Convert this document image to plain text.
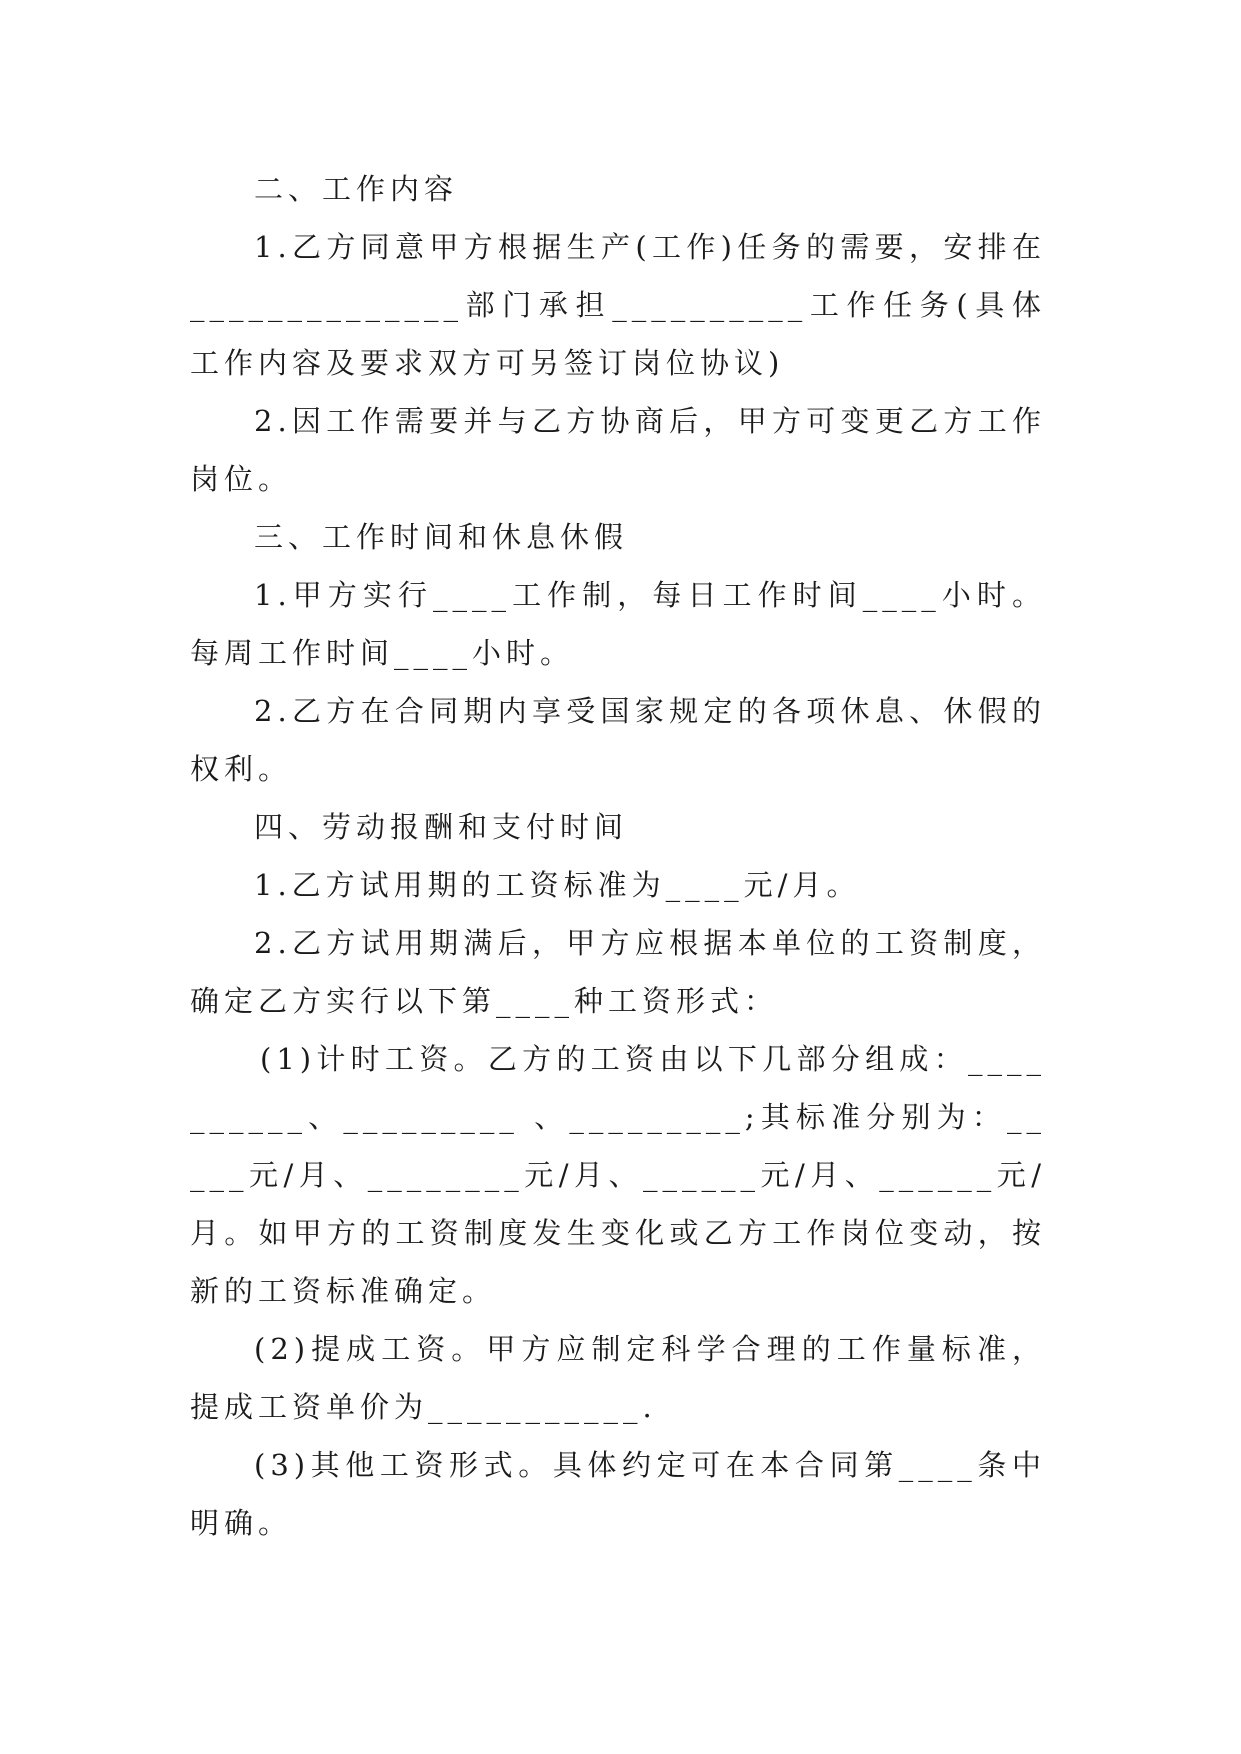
二、工作内容

1.乙方同意甲方根据生产(工作)任务的需要，安排在______________部门承担__________工作任务(具体工作内容及要求双方可另签订岗位协议)

2.因工作需要并与乙方协商后，甲方可变更乙方工作岗位。

三、工作时间和休息休假

1.甲方实行____工作制，每日工作时间____小时。每周工作时间____小时。

2.乙方在合同期内享受国家规定的各项休息、休假的权利。

四、劳动报酬和支付时间

1.乙方试用期的工资标准为____元/月。

2.乙方试用期满后，甲方应根据本单位的工资制度，确定乙方实行以下第____种工资形式：

(1)计时工资。乙方的工资由以下几部分组成：__________、_________ 、_________;其标准分别为：_____元/月、________元/月、______元/月、______元/月。如甲方的工资制度发生变化或乙方工作岗位变动，按新的工资标准确定。

(2)提成工资。甲方应制定科学合理的工作量标准，提成工资单价为___________.

(3)其他工资形式。具体约定可在本合同第____条中明确。
